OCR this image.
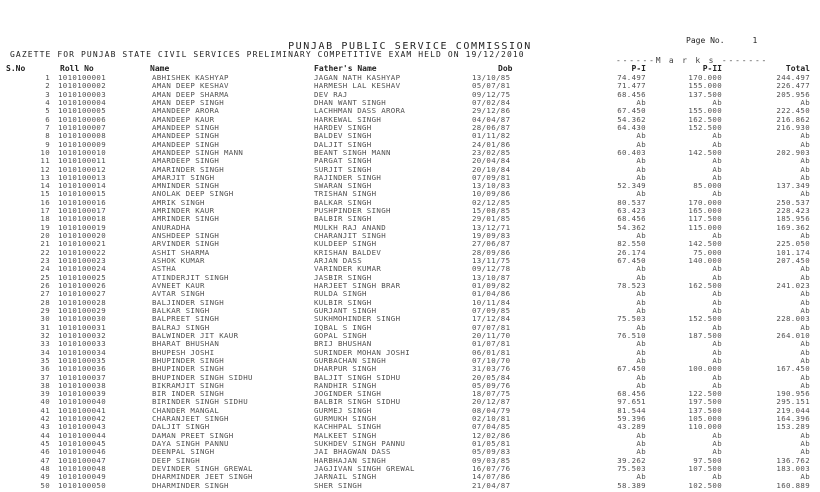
Page No.	1
PUNJAB PUBLIC SERVICE COMMISSION
GAZETTE FOR PUNJAB STATE CIVIL SERVICES PRELIMINARY COMPETITIVE EXAM HELD ON 19/12/2010
------M a r k s -------
S.No	Roll No	Name	Father's Name	Dob	P-I	P-II	Total
1 1010100001	ABHISHEK KASHYAP	JAGAN NATH KASHYAP	13/10/85	74.497	170.000	244.497
2 1010100002	AMAN DEEP KESHAV	HARMESH LAL KESHAV	05/07/81	71.477	155.000	226.477
3 1010100003	AMAN DEEP SHARMA	DEV RAJ	09/12/75	68.456	137.500	205.956
4 1010100004	AMAN DEEP SINGH	DHAN WANT SINGH	07/02/84	Ab	Ab	Ab
5 1010100005	AMANDEEP ARORA	LACHHMAN DASS ARORA	29/12/86	67.450	155.000	222.450
6 1010100006	AMANDEEP KAUR	HARKEWAL SINGH	04/04/87	54.362	162.500	216.862
7 1010100007	AMANDEEP SINGH	HARDEV SINGH	28/06/87	64.430	152.500	216.930
8 1010100008	AMANDEEP SINGH	BALDEV SINGH	01/11/82	Ab	Ab	Ab
9 1010100009	AMANDEEP SINGH	DALJIT SINGH	24/01/86	Ab	Ab	Ab
10 1010100010	AMANDEEP SINGH MANN	BEANT SINGH MANN	23/02/85	60.403	142.500	202.903
11 1010100011	AMARDEEP SINGH	PARGAT SINGH	20/04/84	Ab	Ab	Ab
12 1010100012	AMARINDER SINGH	SURJIT SINGH	20/10/84	Ab	Ab	Ab
13 1010100013	AMARJIT SINGH	RAJINDER SINGH	07/09/81	Ab	Ab	Ab
14 1010100014	AMNINDER SINGH	SWARAN SINGH	13/10/83	52.349	85.000	137.349
15 1010100015	ANOLAK DEEP SINGH	TRISHAN SINGH	10/09/86	Ab	Ab	Ab
16 1010100016	AMRIK SINGH	BALKAR SINGH	02/12/85	80.537	170.000	250.537
17 1010100017	AMRINDER KAUR	PUSHPINDER SINGH	15/08/85	63.423	165.000	228.423
18 1010100018	AMRINDER SINGH	BALBIR SINGH	29/01/85	68.456	117.500	185.956
19 1010100019	ANURADHA	MULKH RAJ ANAND	13/12/71	54.362	115.000	169.362
20 1010100020	ANSHDEEP SINGH	CHARANJIT SINGH	19/09/83	Ab	Ab	Ab
21 1010100021	ARVINDER SINGH	KULDEEP SINGH	27/06/87	82.550	142.500	225.050
22 1010100022	ASHIT SHARMA	KRISHAN BALDEV	28/09/86	26.174	75.000	101.174
23 1010100023	ASHOK KUMAR	ARJAN DASS	13/11/75	67.450	140.000	207.450
24 1010100024	ASTHA	VARINDER KUMAR	09/12/78	Ab	Ab	Ab
25 1010100025	ATINDERJIT SINGH	JASBIR SINGH	13/10/87	Ab	Ab	Ab
26 1010100026	AVNEET KAUR	HARJEET SINGH BRAR	01/09/82	78.523	162.500	241.023
27 1010100027	AVTAR SINGH	RULDA SINGH	01/04/86	Ab	Ab	Ab
28 1010100028	BALJINDER SINGH	KULBIR SINGH	10/11/84	Ab	Ab	Ab
29 1010100029	BALKAR SINGH	GURJANT SINGH	07/09/85	Ab	Ab	Ab
30 1010100030	BALPREET SINGH	SUKHMOHINDER SINGH	17/12/84	75.503	152.500	228.003
31 1010100031	BALRAJ SINGH	IQBAL S INGH	07/07/81	Ab	Ab	Ab
32 1010100032	BALWINDER JIT KAUR	GOPAL SINGH	20/11/70	76.510	187.500	264.010
33 1010100033	BHARAT BHUSHAN	BRIJ BHUSHAN	01/07/81	Ab	Ab	Ab
34 1010100034	BHUPESH JOSHI	SURINDER MOHAN JOSHI	06/01/81	Ab	Ab	Ab
35 1010100035	BHUPINDER SINGH	GURBACHAN SINGH	07/10/70	Ab	Ab	Ab
36 1010100036	BHUPINDER SINGH	DHARPUR SINGH	31/03/76	67.450	100.000	167.450
37 1010100037	BHUPINDER SINGH SIDHU	BALJIT SINGH SIDHU	20/05/84	Ab	Ab	Ab
38 1010100038	BIKRAMJIT SINGH	RANDHIR SINGH	05/09/76	Ab	Ab	Ab
39 1010100039	BIR INDER SINGH	JOGINDER SINGH	18/07/75	68.456	122.500	190.956
40 1010100040	BIRINDER SINGH SIDHU	BALBIR SINGH SIDHU	20/12/87	97.651	197.500	295.151
41 1010100041	CHANDER MANGAL	GURMEJ SINGH	08/04/79	81.544	137.500	219.044
42 1010100042	CHARANJEET SINGH	GURMUKH SINGH	02/10/81	59.396	105.000	164.396
43 1010100043	DALJIT SINGH	KACHHPAL SINGH	07/04/85	43.289	110.000	153.289
44 1010100044	DAMAN PREET SINGH	MALKEET SINGH	12/02/86	Ab	Ab	Ab
45 1010100045	DAYA SINGH PANNU	SUKHDEV SINGH PANNU	01/05/81	Ab	Ab	Ab
46 1010100046	DEENPAL SINGH	JAI BHAGWAN DASS	05/09/83	Ab	Ab	Ab
47 1010100047	DEEP SINGH	HARBHAJAN SINGH	09/03/85	39.262	97.500	136.762
48 1010100048	DEVINDER SINGH GREWAL	JAGJIVAN SINGH GREWAL	16/07/76	75.503	107.500	183.003
49 1010100049	DHARMINDER JEET SINGH	JARNAIL SINGH	14/07/86	Ab	Ab	Ab
50 1010100050	DHARMINDER SINGH	SHER SINGH	21/04/87	58.389	102.500	160.889
